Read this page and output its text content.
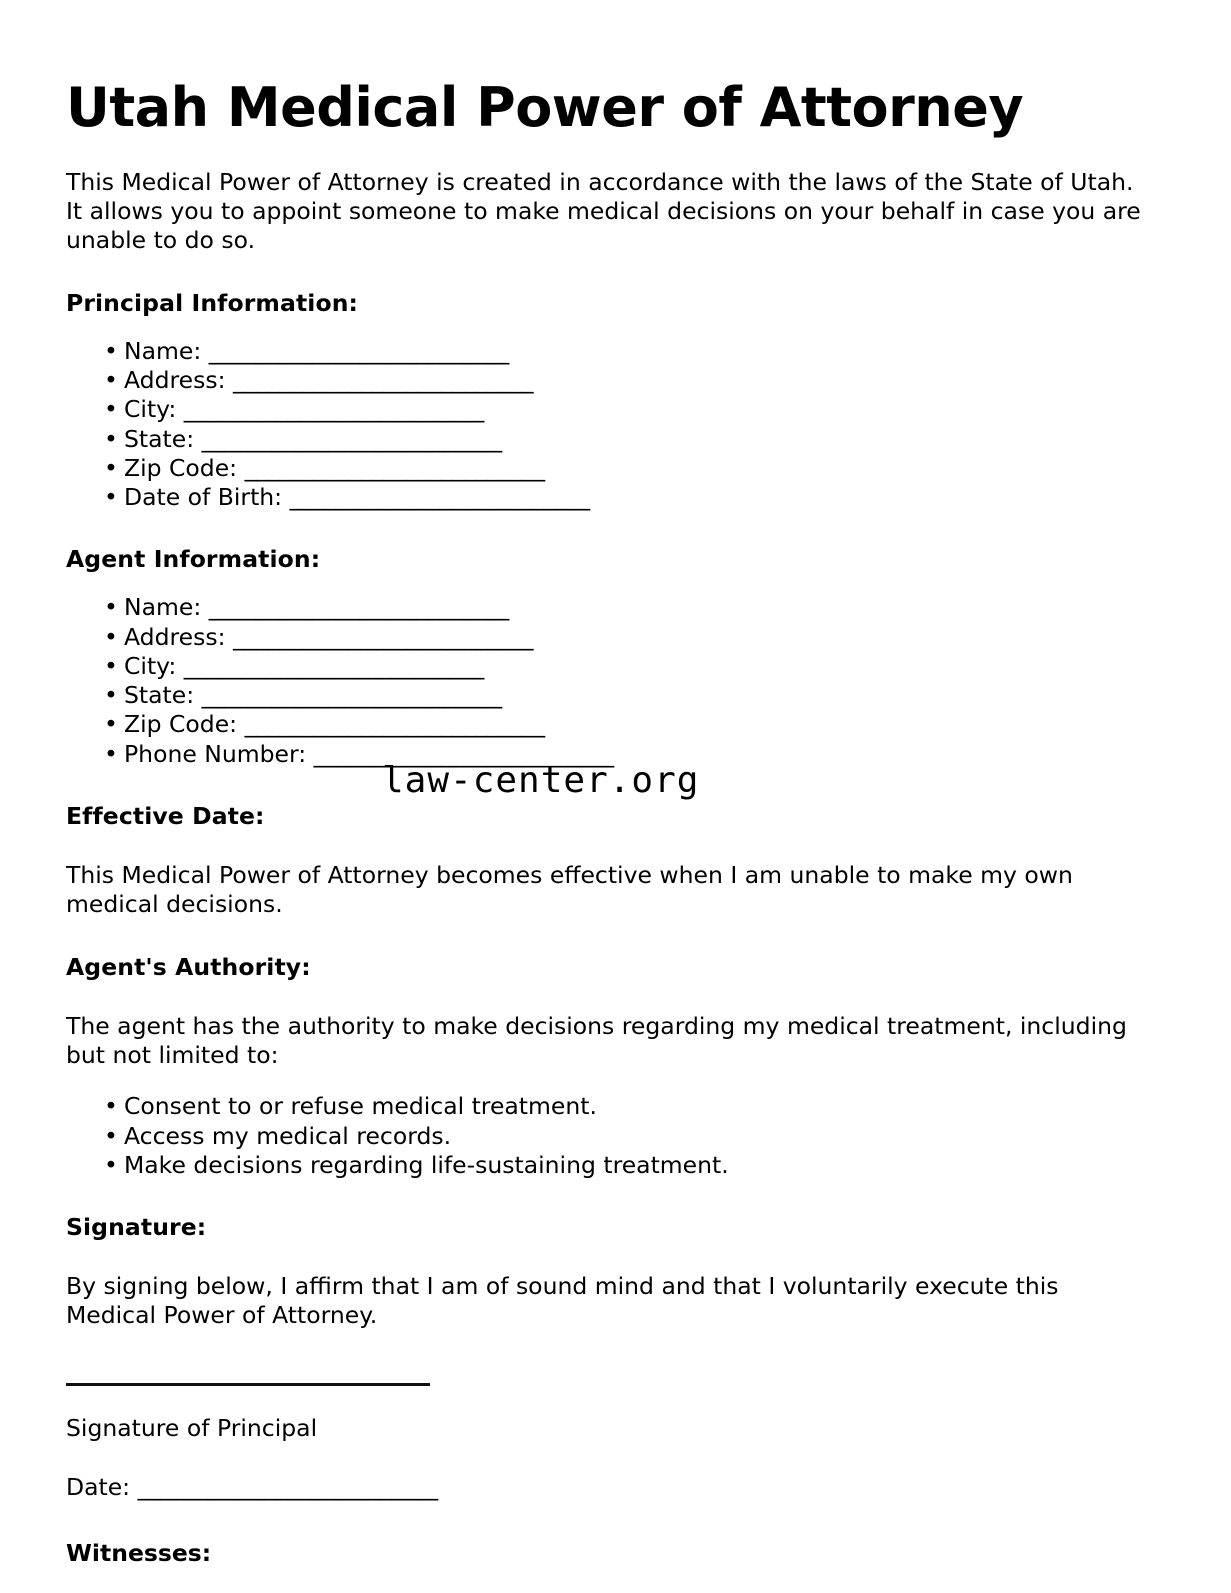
Utah Medical Power of Attorney

This Medical Power of Attorney is created in accordance with the laws of the State of Utah. It allows you to appoint someone to make medical decisions on your behalf in case you are unable to do so.

Principal Information:
• Name: __________________________
• Address: __________________________
• City: __________________________
• State: __________________________
• Zip Code: __________________________
• Date of Birth: __________________________
Agent Information:
• Name: __________________________
• Address: __________________________
• City: __________________________
• State: __________________________
• Zip Code: __________________________
• Phone Number: __________________________
Effective Date:

This Medical Power of Attorney becomes effective when I am unable to make my own medical decisions.

Agent's Authority:

The agent has the authority to make decisions regarding my medical treatment, including but not limited to:

• Consent to or refuse medical treatment.
• Access my medical records.
• Make decisions regarding life-sustaining treatment.
Signature:

By signing below, I affirm that I am of sound mind and that I voluntarily execute this Medical Power of Attorney.

Signature of Principal

Date: __________________________

Witnesses:
law-center.org
